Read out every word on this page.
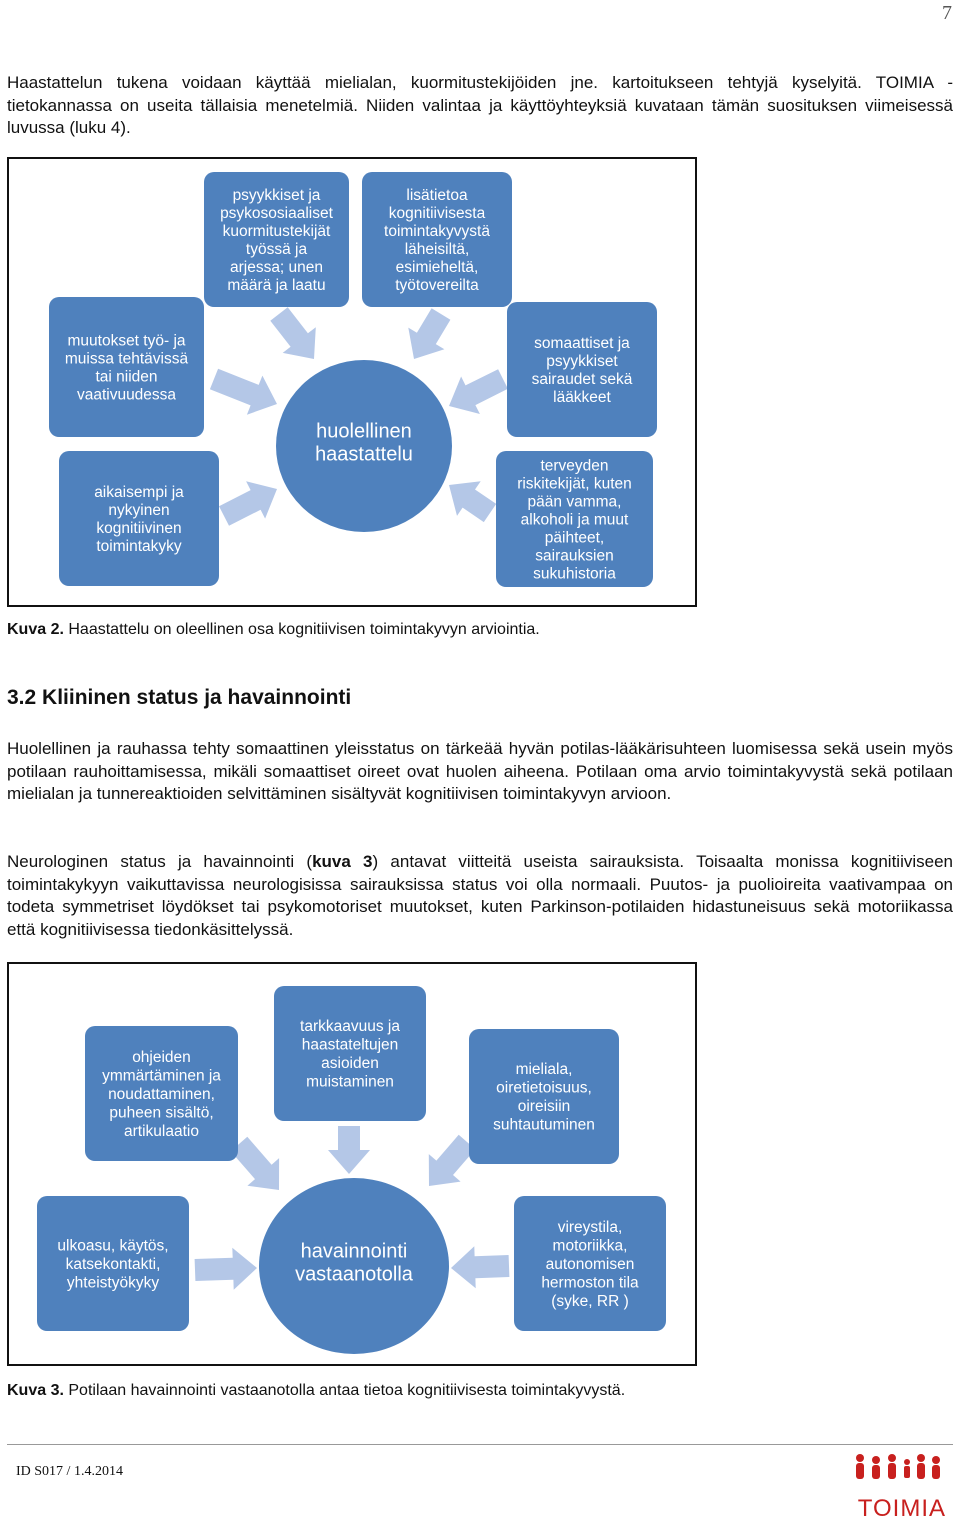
7

Haastattelun tukena voidaan käyttää mielialan, kuormitustekijöiden jne. kartoitukseen tehtyjä kyselyitä. TOIMIA -tietokannassa on useita tällaisia menetelmiä. Niiden valintaa ja käyttöyhteyksiä kuvataan tämän suosituksen viimeisessä luvussa (luku 4).

psyykkiset ja psykososiaaliset kuormitustekijät työssä ja arjessa; unen määrä ja laatu
lisätietoa kognitiivisesta toimintakyvystä läheisiltä, esimieheltä, työtovereilta
muutokset työ- ja muissa tehtävissä tai niiden vaativuudessa
somaattiset ja psyykkiset sairaudet sekä lääkkeet
aikaisempi ja nykyinen kognitiivinen toimintakyky
terveyden riskitekijät, kuten pään vamma, alkoholi ja muut päihteet, sairauksien sukuhistoria
huolellinen haastattelu
Kuva 2. Haastattelu on oleellinen osa kognitiivisen toimintakyvyn arviointia.
3.2 Kliininen status ja havainnointi

Huolellinen ja rauhassa tehty somaattinen yleisstatus on tärkeää hyvän potilas-lääkärisuhteen luomisessa sekä usein myös potilaan rauhoittamisessa, mikäli somaattiset oireet ovat huolen aiheena. Potilaan oma arvio toimintakyvystä sekä potilaan mielialan ja tunnereaktioiden selvittäminen sisältyvät kognitiivisen toimintakyvyn arvioon.

Neurologinen status ja havainnointi (kuva 3) antavat viitteitä useista sairauksista. Toisaalta monissa kognitiiviseen toimintakykyyn vaikuttavissa neurologisissa sairauksissa status voi olla normaali. Puutos- ja puolioireita vaativampaa on todeta symmetriset löydökset tai psykomotoriset muutokset, kuten Parkinson-potilaiden hidastuneisuus sekä motoriikassa että kognitiivisessa tiedonkäsittelyssä.

ohjeiden ymmärtäminen ja noudattaminen, puheen sisältö, artikulaatio
tarkkaavuus ja haastateltujen asioiden muistaminen
mieliala, oiretietoisuus, oireisiin suhtautuminen
ulkoasu, käytös, katsekontakti, yhteistyökyky
vireystila, motoriikka, autonomisen hermoston tila (syke, RR )
havainnointi vastaanotolla
Kuva 3. Potilaan havainnointi vastaanotolla antaa tietoa kognitiivisesta toimintakyvystä.
ID S017 / 1.4.2014
TOIMIA
